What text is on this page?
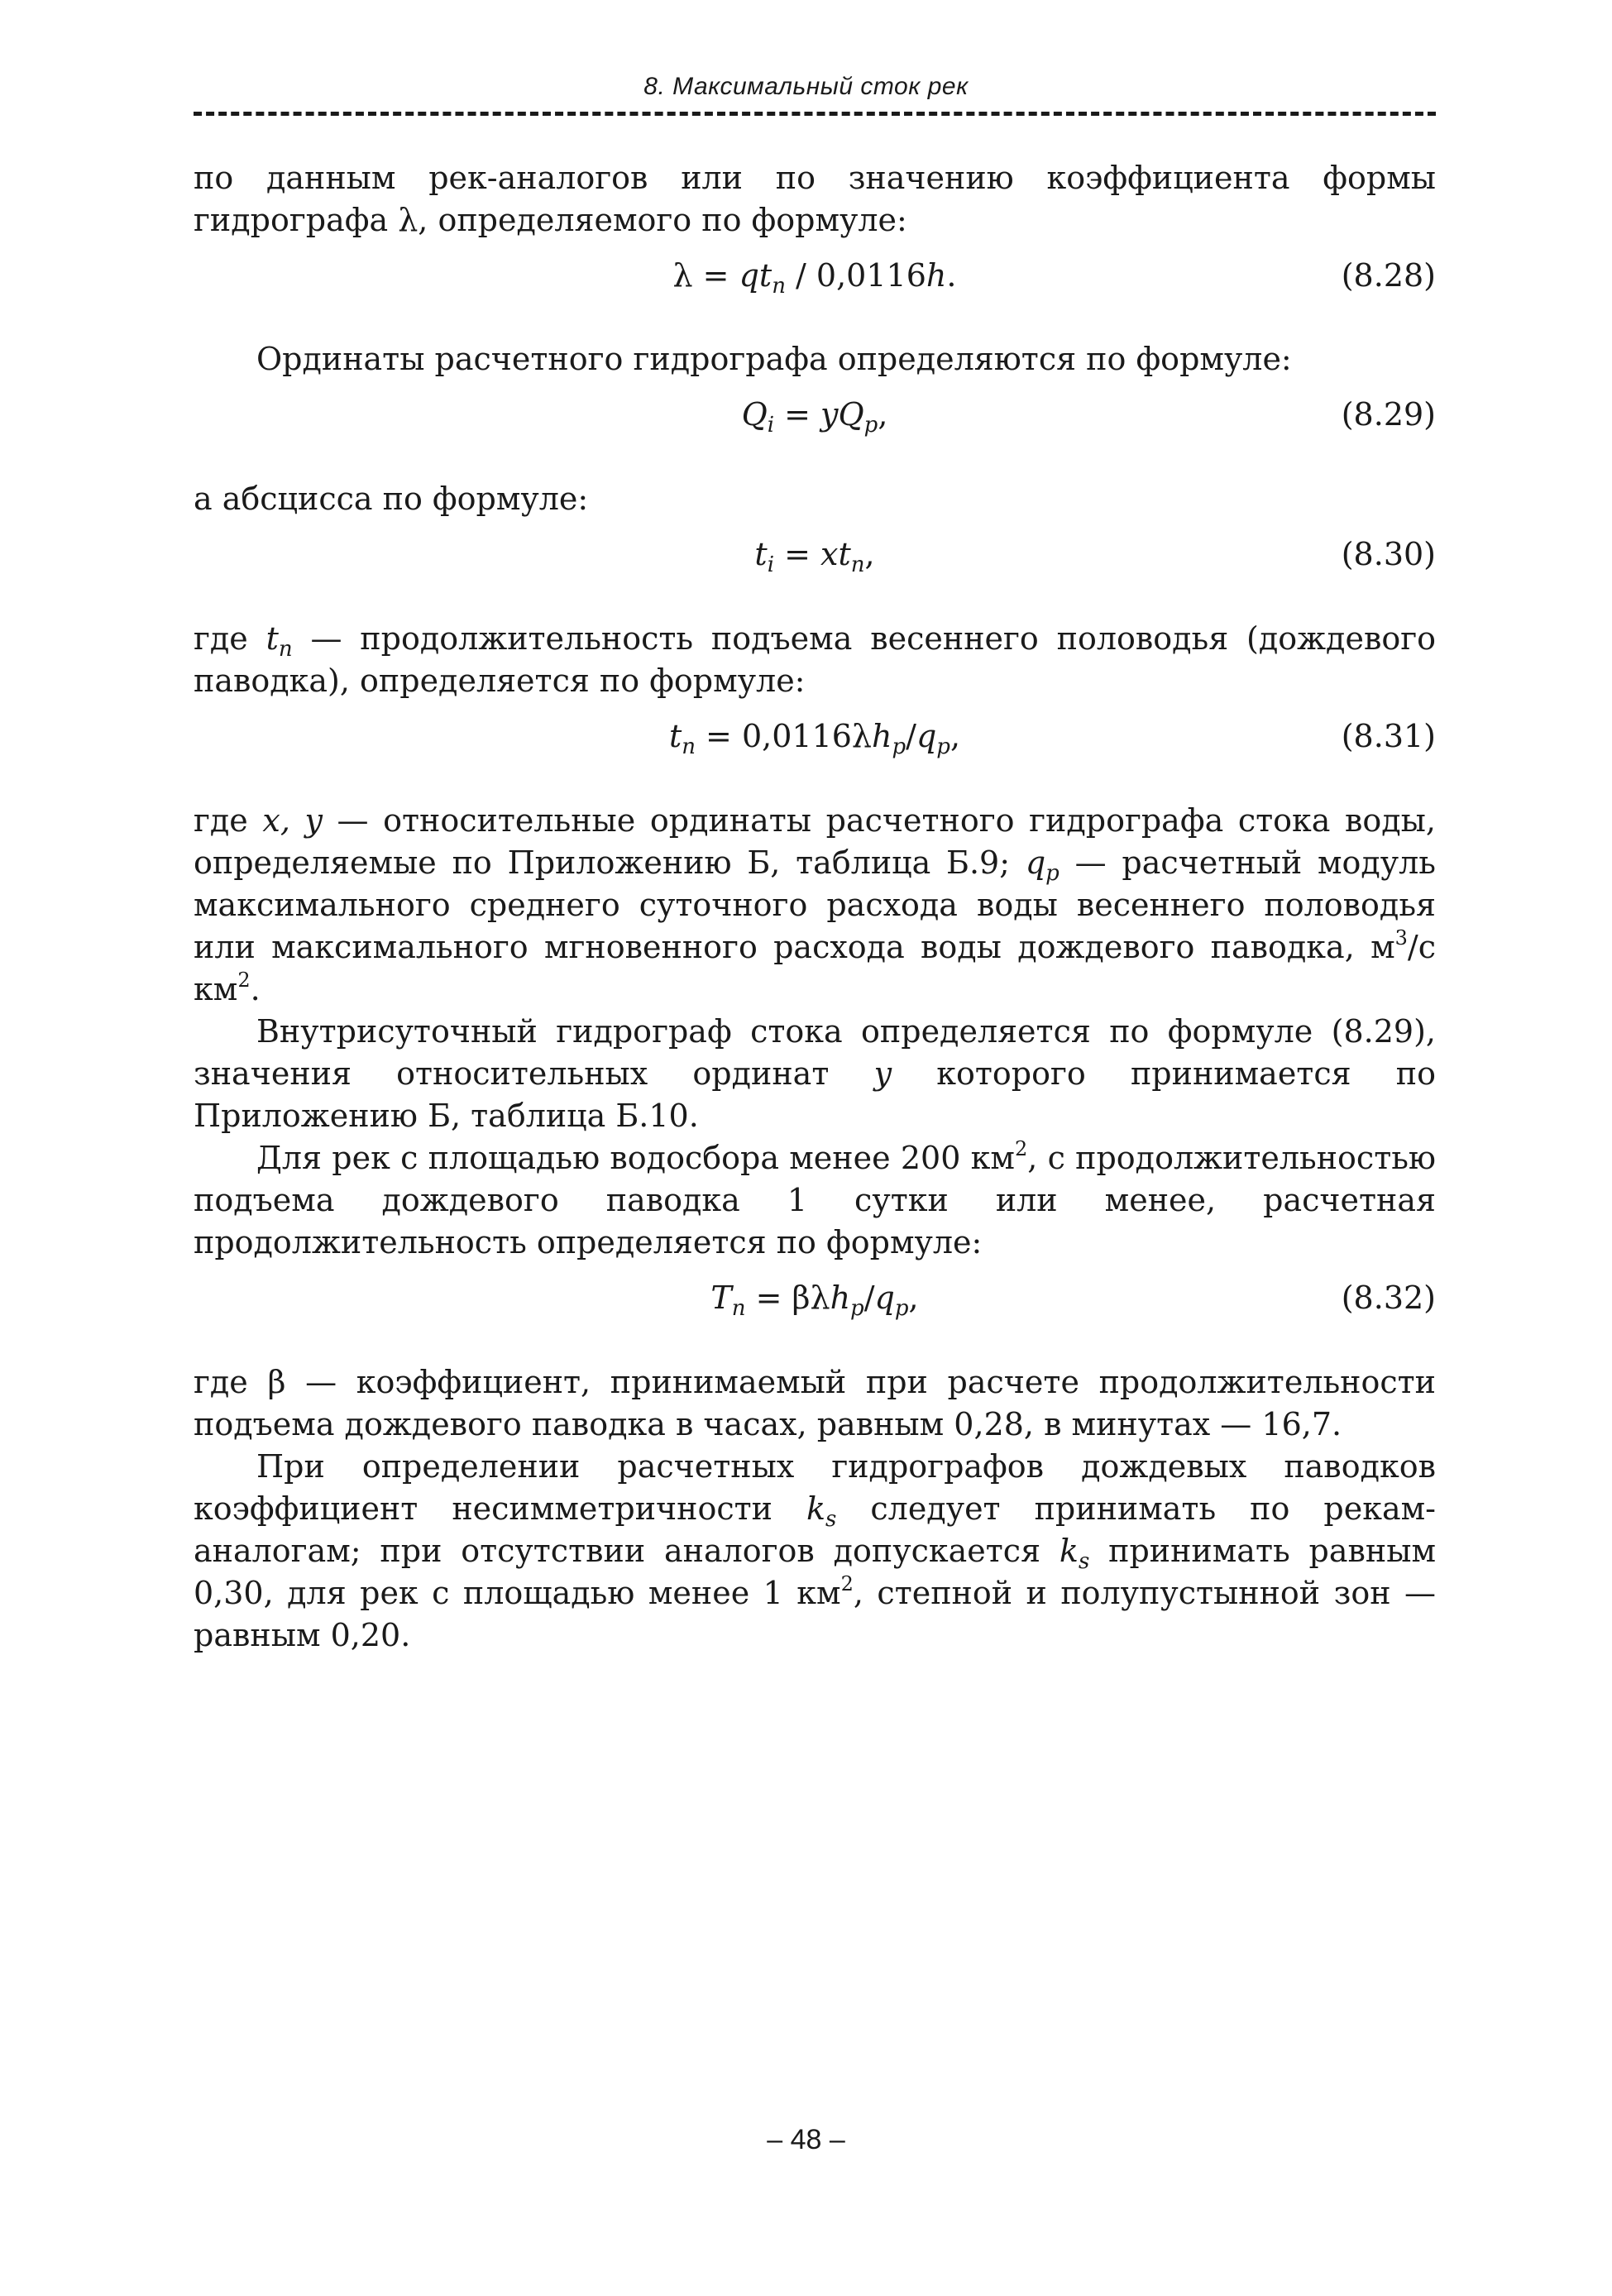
8. Максимальный сток рек

по данным рек-аналогов или по значению коэффициента формы гидрографа λ, определяемого по формуле:

$\lambda = qt_п / 0,0116h$.	(8.28)

Ординаты расчетного гидрографа определяются по формуле:

$Q_i = yQ_p$,	(8.29)

а абсцисса по формуле:

$t_i = xt_п$,	(8.30)

где $t_п$ — продолжительность подъема весеннего половодья (дождевого паводка), определяется по формуле:

$t_п = 0,0116\lambda h_p/q_p$,	(8.31)

где x, y — относительные ординаты расчетного гидрографа стока воды, определяемые по Приложению Б, таблица Б.9; $q_p$ — расчетный модуль максимального среднего суточного расхода воды весеннего половодья или максимального мгновенного расхода воды дождевого паводка, $м^3/с$ $км^2$.

Внутрисуточный гидрограф стока определяется по формуле (8.29), значения относительных ординат y которого принимается по Приложению Б, таблица Б.10.

Для рек с площадью водосбора менее 200 $км^2$, с продолжительностью подъема дождевого паводка 1 сутки или менее, расчетная продолжительность определяется по формуле:

$T_п = \beta\lambda h_p/q_p$,	(8.32)

где β — коэффициент, принимаемый при расчете продолжительности подъема дождевого паводка в часах, равным 0,28, в минутах — 16,7.

При определении расчетных гидрографов дождевых паводков коэффициент несимметричности $k_s$ следует принимать по рекам-аналогам; при отсутствии аналогов допускается $k_s$ принимать равным 0,30, для рек с площадью менее 1 $км^2$, степной и полупустынной зон — равным 0,20.

– 48 –
